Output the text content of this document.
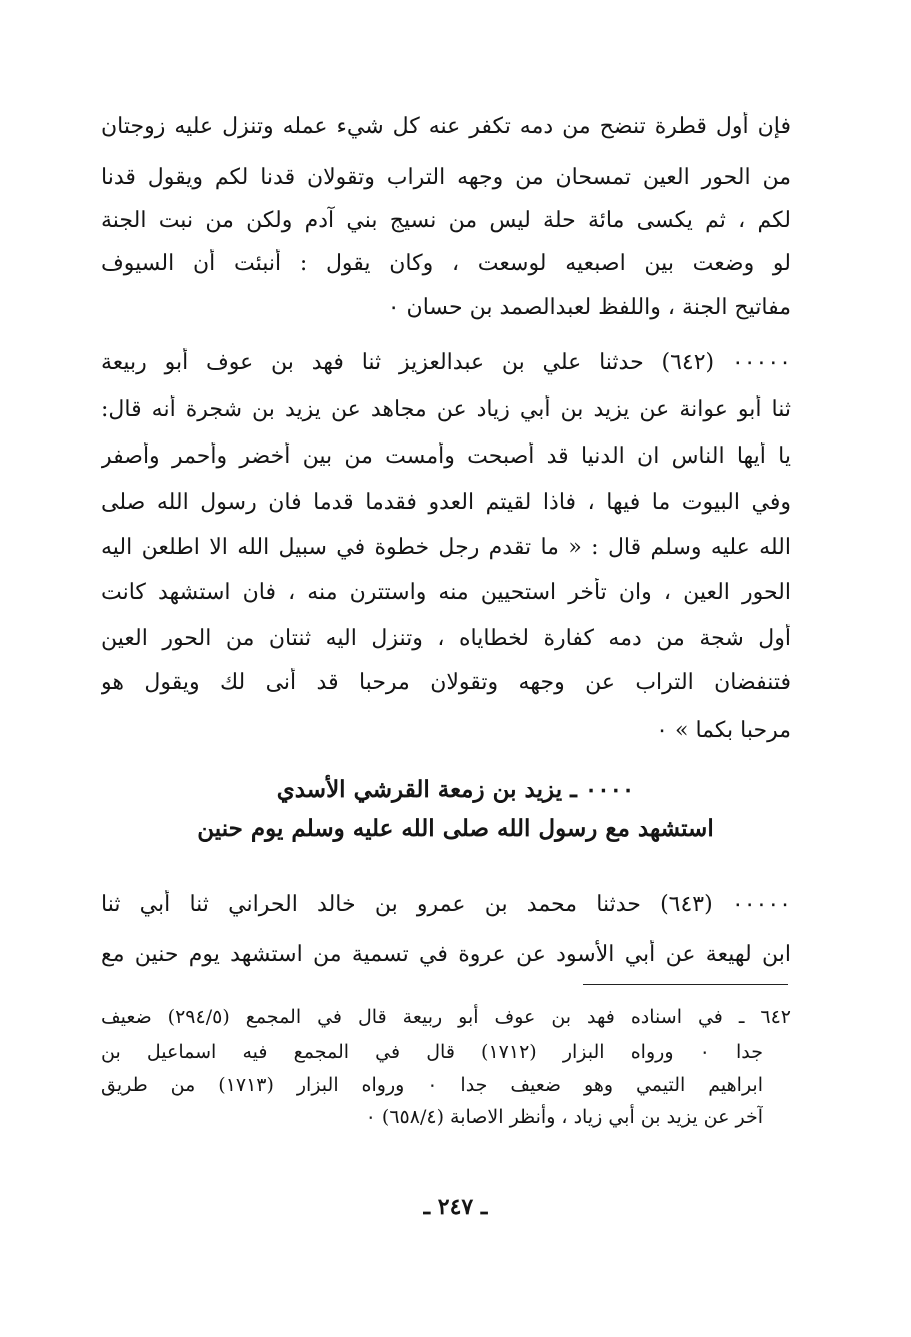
فإن أول قطرة تنضح من دمه تكفر عنه كل شيء عمله وتنزل عليه زوجتان
من الحور العين تمسحان من وجهه التراب وتقولان قدنا لكم ويقول قدنا
لكم ، ثم يكسى مائة حلة ليس من نسيج بني آدم ولكن من نبت الجنة
لو وضعت بين اصبعيه لوسعت ، وكان يقول : أنبئت أن السيوف
مفاتيح الجنة ، واللفظ لعبدالصمد بن حسان ٠
٠٠٠٠٠ (٦٤٢) حدثنا علي بن عبدالعزيز ثنا فهد بن عوف أبو ربيعة
ثنا أبو عوانة عن يزيد بن أبي زياد عن مجاهد عن يزيد بن شجرة أنه قال:
يا أيها الناس ان الدنيا قد أصبحت وأمست من بين أخضر وأحمر وأصفر
وفي البيوت ما فيها ، فاذا لقيتم العدو فقدما قدما فان رسول الله صلى
الله عليه وسلم قال : « ما تقدم رجل خطوة في سبيل الله الا اطلعن اليه
الحور العين ، وان تأخر استحيين منه واستترن منه ، فان استشهد كانت
أول شجة من دمه كفارة لخطاياه ، وتنزل اليه ثنتان من الحور العين
فتنفضان التراب عن وجهه وتقولان مرحبا قد أنى لك ويقول هو
مرحبا بكما » ٠
٠٠٠٠ ـ يزيد بن زمعة القرشي الأسدي
استشهد مع رسول الله صلى الله عليه وسلم يوم حنين
٠٠٠٠٠ (٦٤٣) حدثنا محمد بن عمرو بن خالد الحراني ثنا أبي ثنا
ابن لهيعة عن أبي الأسود عن عروة في تسمية من استشهد يوم حنين مع
٦٤٢ ـ في اسناده فهد بن عوف أبو ربيعة قال في المجمع (٢٩٤/٥) ضعيف
جدا ٠ ورواه البزار (١٧١٢) قال في المجمع فيه اسماعيل بن
ابراهيم التيمي وهو ضعيف جدا ٠ ورواه البزار (١٧١٣) من طريق
آخر عن يزيد بن أبي زياد ، وأنظر الاصابة (٦٥٨/٤) ٠
ـ ٢٤٧ ـ
